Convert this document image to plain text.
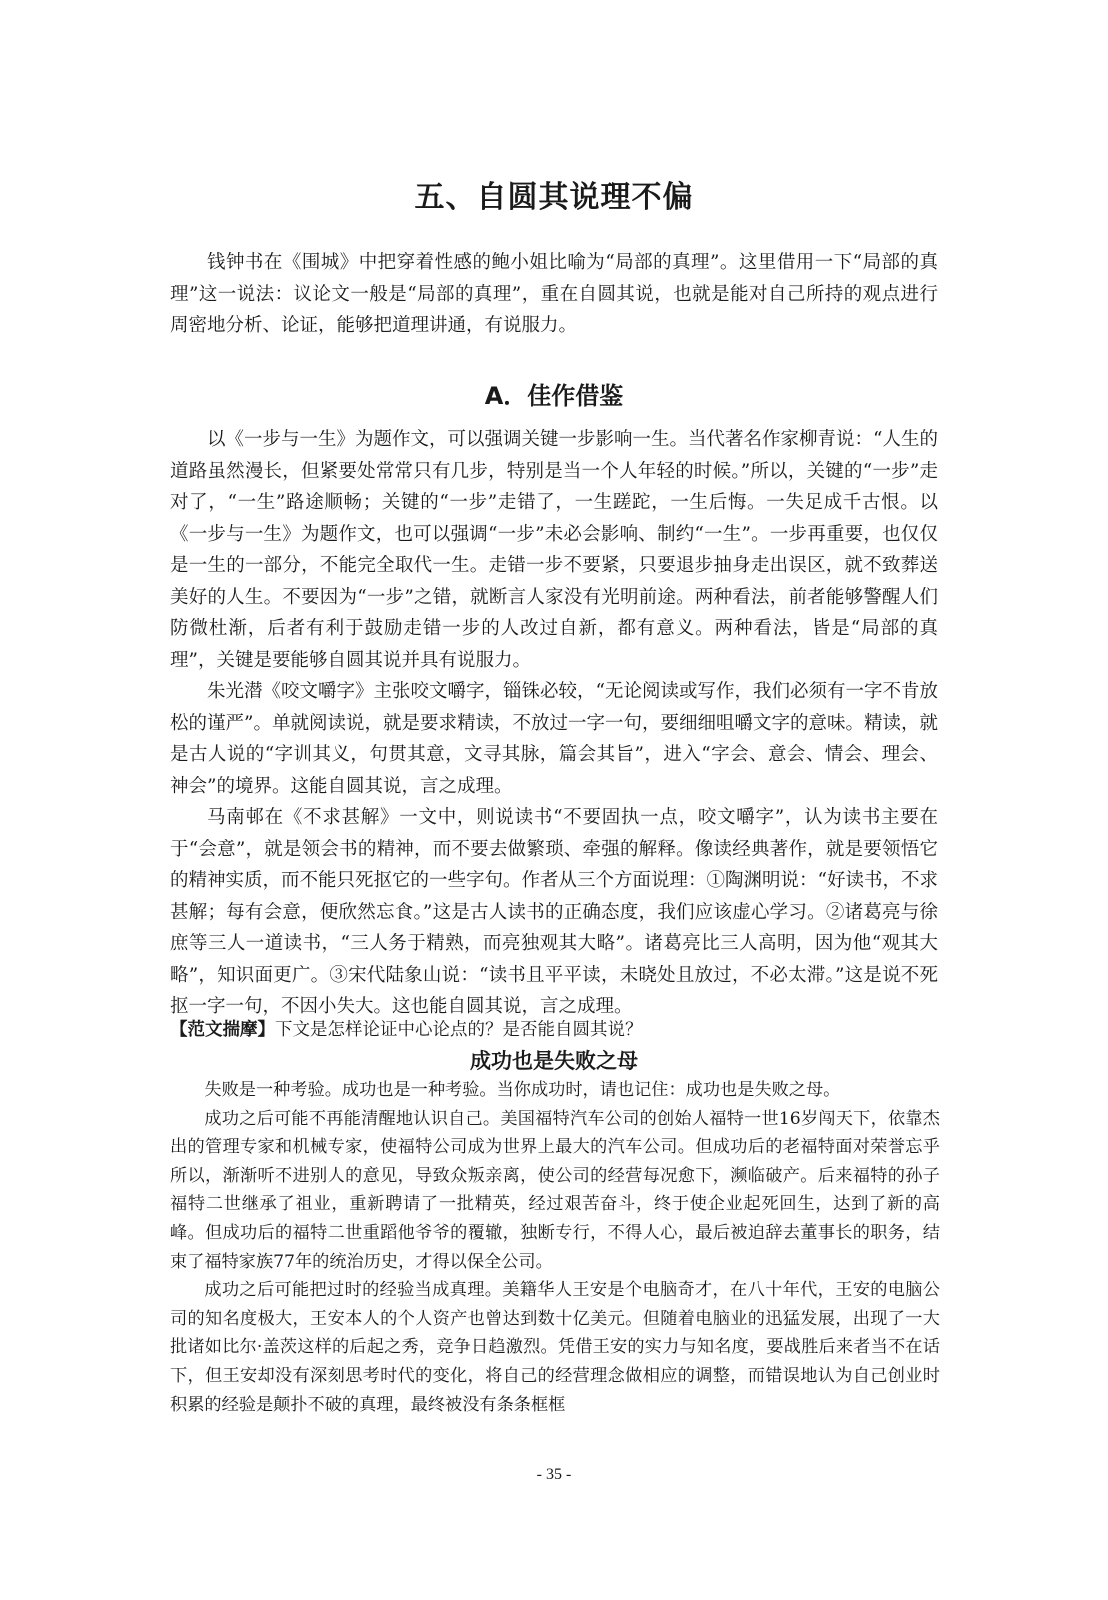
五、自圆其说理不偏

钱钟书在《围城》中把穿着性感的鲍小姐比喻为“局部的真理”。这里借用一下“局部的真理”这一说法：议论文一般是“局部的真理”，重在自圆其说，也就是能对自己所持的观点进行周密地分析、论证，能够把道理讲通，有说服力。

A．佳作借鉴

以《一步与一生》为题作文，可以强调关键一步影响一生。当代著名作家柳青说：“人生的道路虽然漫长，但紧要处常常只有几步，特别是当一个人年轻的时候。”所以，关键的“一步”走对了，“一生”路途顺畅；关键的“一步”走错了，一生蹉跎，一生后悔。一失足成千古恨。以《一步与一生》为题作文，也可以强调“一步”未必会影响、制约“一生”。一步再重要，也仅仅是一生的一部分，不能完全取代一生。走错一步不要紧，只要退步抽身走出误区，就不致葬送美好的人生。不要因为“一步”之错，就断言人家没有光明前途。两种看法，前者能够警醒人们防微杜渐，后者有利于鼓励走错一步的人改过自新，都有意义。两种看法，皆是“局部的真理”，关键是要能够自圆其说并具有说服力。

朱光潜《咬文嚼字》主张咬文嚼字，锱铢必较，“无论阅读或写作，我们必须有一字不肯放松的谨严”。单就阅读说，就是要求精读，不放过一字一句，要细细咀嚼文字的意味。精读，就是古人说的“字训其义，句贯其意，文寻其脉，篇会其旨”，进入“字会、意会、情会、理会、神会”的境界。这能自圆其说，言之成理。

马南邨在《不求甚解》一文中，则说读书“不要固执一点，咬文嚼字”，认为读书主要在于“会意”，就是领会书的精神，而不要去做繁琐、牵强的解释。像读经典著作，就是要领悟它的精神实质，而不能只死抠它的一些字句。作者从三个方面说理：①陶渊明说：“好读书，不求甚解；每有会意，便欣然忘食。”这是古人读书的正确态度，我们应该虚心学习。②诸葛亮与徐庶等三人一道读书，“三人务于精熟，而亮独观其大略”。诸葛亮比三人高明，因为他“观其大略”，知识面更广。③宋代陆象山说：“读书且平平读，未晓处且放过，不必太滞。”这是说不死抠一字一句，不因小失大。这也能自圆其说，言之成理。

【范文揣摩】下文是怎样论证中心论点的？是否能自圆其说？
成功也是失败之母

失败是一种考验。成功也是一种考验。当你成功时，请也记住：成功也是失败之母。

成功之后可能不再能清醒地认识自己。美国福特汽车公司的创始人福特一世16岁闯天下，依靠杰出的管理专家和机械专家，使福特公司成为世界上最大的汽车公司。但成功后的老福特面对荣誉忘乎所以，渐渐听不进别人的意见，导致众叛亲离，使公司的经营每况愈下，濒临破产。后来福特的孙子福特二世继承了祖业，重新聘请了一批精英，经过艰苦奋斗，终于使企业起死回生，达到了新的高峰。但成功后的福特二世重蹈他爷爷的覆辙，独断专行，不得人心，最后被迫辞去董事长的职务，结束了福特家族77年的统治历史，才得以保全公司。

成功之后可能把过时的经验当成真理。美籍华人王安是个电脑奇才，在八十年代，王安的电脑公司的知名度极大，王安本人的个人资产也曾达到数十亿美元。但随着电脑业的迅猛发展，出现了一大批诸如比尔·盖茨这样的后起之秀，竞争日趋激烈。凭借王安的实力与知名度，要战胜后来者当不在话下，但王安却没有深刻思考时代的变化，将自己的经营理念做相应的调整，而错误地认为自己创业时积累的经验是颠扑不破的真理，最终被没有条条框框

- 35 -
